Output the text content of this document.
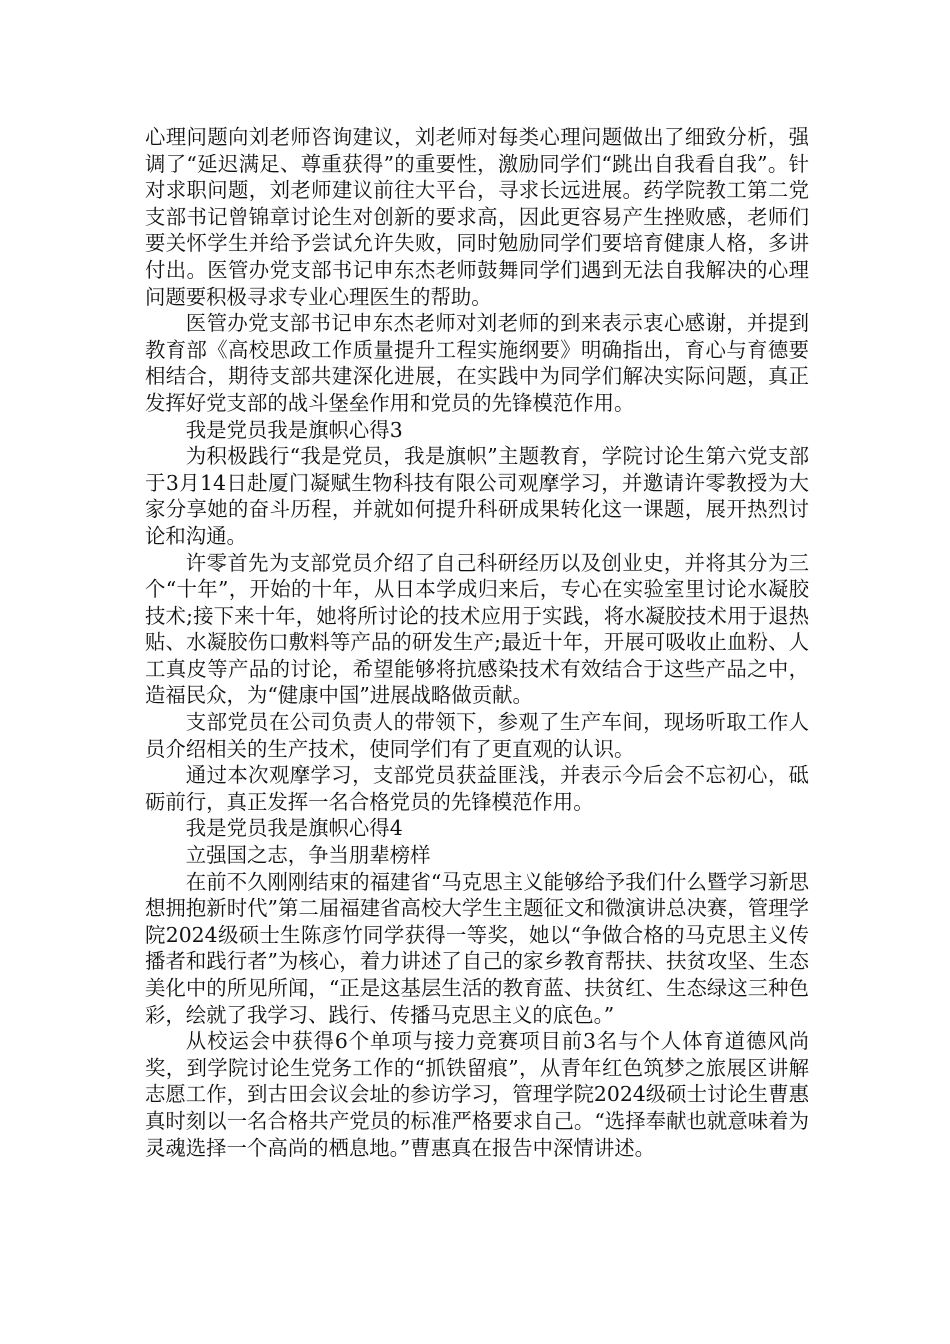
心理问题向刘老师咨询建议，刘老师对每类心理问题做出了细致分析，强调了“延迟满足、尊重获得”的重要性，激励同学们“跳出自我看自我”。针对求职问题，刘老师建议前往大平台，寻求长远进展。药学院教工第二党支部书记曾锦章讨论生对创新的要求高，因此更容易产生挫败感，老师们要关怀学生并给予尝试允许失败，同时勉励同学们要培育健康人格，多讲付出。医管办党支部书记申东杰老师鼓舞同学们遇到无法自我解决的心理问题要积极寻求专业心理医生的帮助。

医管办党支部书记申东杰老师对刘老师的到来表示衷心感谢，并提到教育部《高校思政工作质量提升工程实施纲要》明确指出，育心与育德要相结合，期待支部共建深化进展，在实践中为同学们解决实际问题，真正发挥好党支部的战斗堡垒作用和党员的先锋模范作用。

我是党员我是旗帜心得3

为积极践行“我是党员，我是旗帜”主题教育，学院讨论生第六党支部于3月14日赴厦门凝赋生物科技有限公司观摩学习，并邀请许零教授为大家分享她的奋斗历程，并就如何提升科研成果转化这一课题，展开热烈讨论和沟通。

许零首先为支部党员介绍了自己科研经历以及创业史，并将其分为三个“十年”，开始的十年，从日本学成归来后，专心在实验室里讨论水凝胶技术;接下来十年，她将所讨论的技术应用于实践，将水凝胶技术用于退热贴、水凝胶伤口敷料等产品的研发生产;最近十年，开展可吸收止血粉、人工真皮等产品的讨论，希望能够将抗感染技术有效结合于这些产品之中，造福民众，为“健康中国”进展战略做贡献。

支部党员在公司负责人的带领下，参观了生产车间，现场听取工作人员介绍相关的生产技术，使同学们有了更直观的认识。

通过本次观摩学习，支部党员获益匪浅，并表示今后会不忘初心，砥砺前行，真正发挥一名合格党员的先锋模范作用。

我是党员我是旗帜心得4

立强国之志，争当朋辈榜样

在前不久刚刚结束的福建省“马克思主义能够给予我们什么暨学习新思想拥抱新时代”第二届福建省高校大学生主题征文和微演讲总决赛，管理学院2024级硕士生陈彦竹同学获得一等奖，她以“争做合格的马克思主义传播者和践行者”为核心，着力讲述了自己的家乡教育帮扶、扶贫攻坚、生态美化中的所见所闻，“正是这基层生活的教育蓝、扶贫红、生态绿这三种色彩，绘就了我学习、践行、传播马克思主义的底色。”

从校运会中获得6个单项与接力竞赛项目前3名与个人体育道德风尚奖，到学院讨论生党务工作的“抓铁留痕”，从青年红色筑梦之旅展区讲解志愿工作，到古田会议会址的参访学习，管理学院2024级硕士讨论生曹惠真时刻以一名合格共产党员的标准严格要求自己。“选择奉献也就意味着为灵魂选择一个高尚的栖息地。”曹惠真在报告中深情讲述。
